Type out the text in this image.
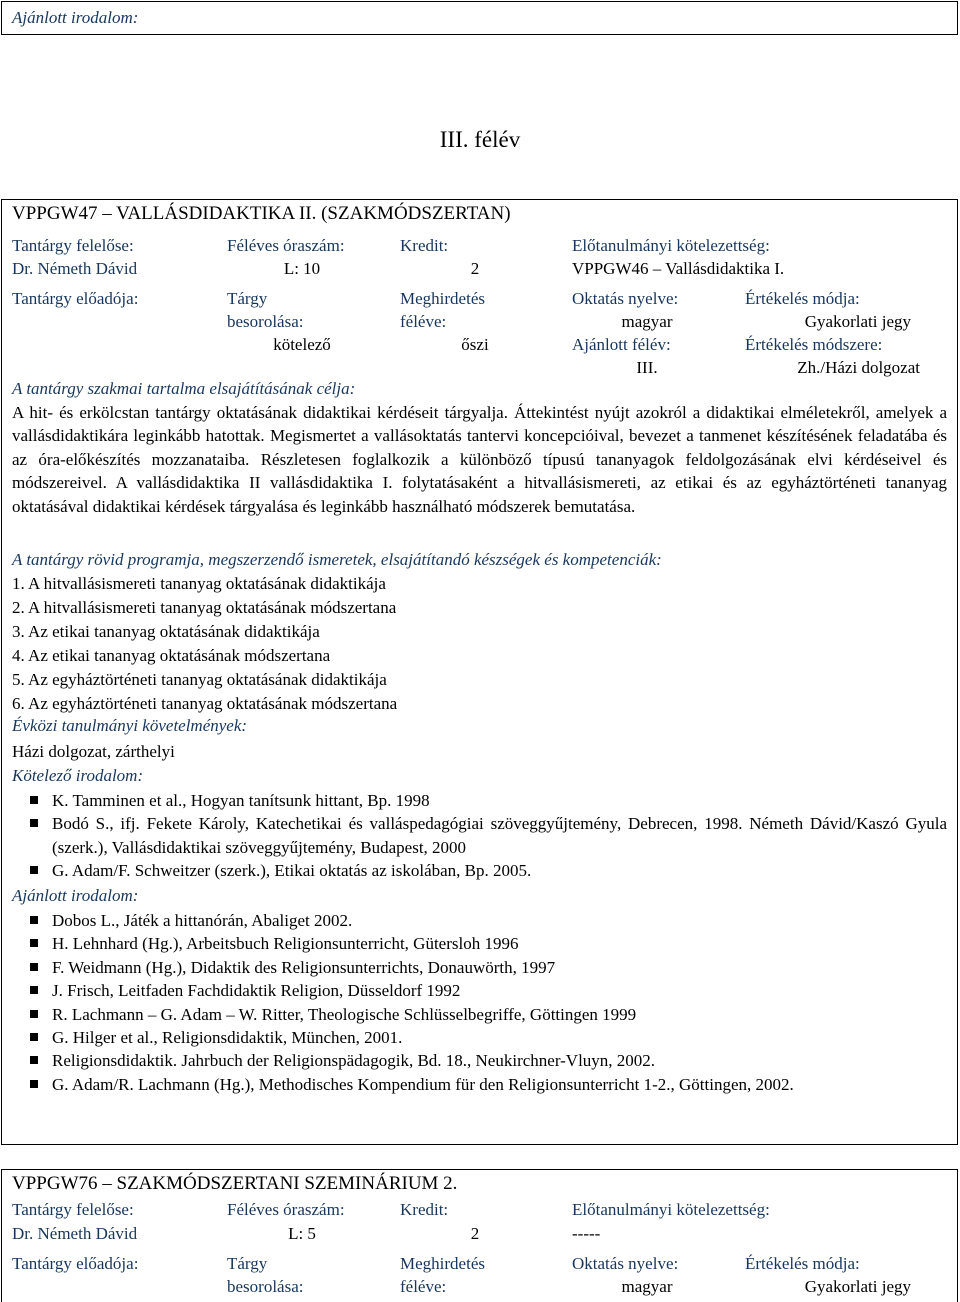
Ajánlott irodalom:
III. félév
VPPGW47 – VALLÁSDIDAKTIKA II. (SZAKMÓDSZERTAN)
Tantárgy felelőse:
Dr. Németh Dávid
Féléves óraszám:
L: 10
Kredit:
2
Előtanulmányi kötelezettség:
VPPGW46 – Vallásdidaktika I.
Tantárgy előadója:	Tárgy
besorolása:
kötelező
Meghirdetés
féléve:
őszi
Oktatás nyelve:
magyar
Ajánlott félév:
III.
Értékelés módja:
Gyakorlati jegy
Értékelés módszere:
Zh./Házi dolgozat
A tantárgy szakmai tartalma elsajátításának célja:
A hit- és erkölcstan tantárgy oktatásának didaktikai kérdéseit tárgyalja. Áttekintést nyújt azokról a didaktikai elméletekről, amelyek a vallásdidaktikára leginkább hatottak. Megismertet a vallásoktatás tantervi koncepcióival, bevezet a tanmenet készítésének feladatába és az óra-előkészítés mozzanataiba. Részletesen foglalkozik a különböző típusú tananyagok feldolgozásának elvi kérdéseivel és módszereivel. A vallásdidaktika II vallásdidaktika I. folytatásaként a hitvallásismereti, az etikai és az egyháztörténeti tananyag oktatásával didaktikai kérdések tárgyalása és leginkább használható módszerek bemutatása.
A tantárgy rövid programja, megszerzendő ismeretek, elsajátítandó készségek és kompetenciák:
1. A hitvallásismereti tananyag oktatásának didaktikája
2. A hitvallásismereti tananyag oktatásának módszertana
3. Az etikai tananyag oktatásának didaktikája
4. Az etikai tananyag oktatásának módszertana
5. Az egyháztörténeti tananyag oktatásának didaktikája
6. Az egyháztörténeti tananyag oktatásának módszertana
Évközi tanulmányi követelmények:
Házi dolgozat, zárthelyi
Kötelező irodalom:
K. Tamminen et al., Hogyan tanítsunk hittant, Bp. 1998
Bodó S., ifj. Fekete Károly, Katechetikai és valláspedagógiai szöveggyűjtemény, Debrecen, 1998. Németh Dávid/Kaszó Gyula (szerk.), Vallásdidaktikai szöveggyűjtemény, Budapest, 2000
G. Adam/F. Schweitzer (szerk.), Etikai oktatás az iskolában, Bp. 2005.
Ajánlott irodalom:
Dobos L., Játék a hittanórán, Abaliget 2002.
H. Lehnhard (Hg.), Arbeitsbuch Religionsunterricht, Gütersloh 1996
F. Weidmann (Hg.), Didaktik des Religionsunterrichts, Donauwörth, 1997
J. Frisch, Leitfaden Fachdidaktik Religion, Düsseldorf 1992
R. Lachmann – G. Adam – W. Ritter, Theologische Schlüsselbegriffe, Göttingen 1999
G. Hilger et al., Religionsdidaktik, München, 2001.
Religionsdidaktik. Jahrbuch der Religionspädagogik, Bd. 18., Neukirchner-Vluyn, 2002.
G. Adam/R. Lachmann (Hg.), Methodisches Kompendium für den Religionsunterricht 1-2., Göttingen, 2002.
VPPGW76 – SZAKMÓDSZERTANI SZEMINÁRIUM 2.
Tantárgy felelőse:
Dr. Németh Dávid
Féléves óraszám:
L: 5
Kredit:
2
Előtanulmányi kötelezettség:
-----
Tantárgy előadója:	Tárgy
besorolása:
Meghirdetés
féléve:
Oktatás nyelve:
magyar
Értékelés módja:
Gyakorlati jegy
